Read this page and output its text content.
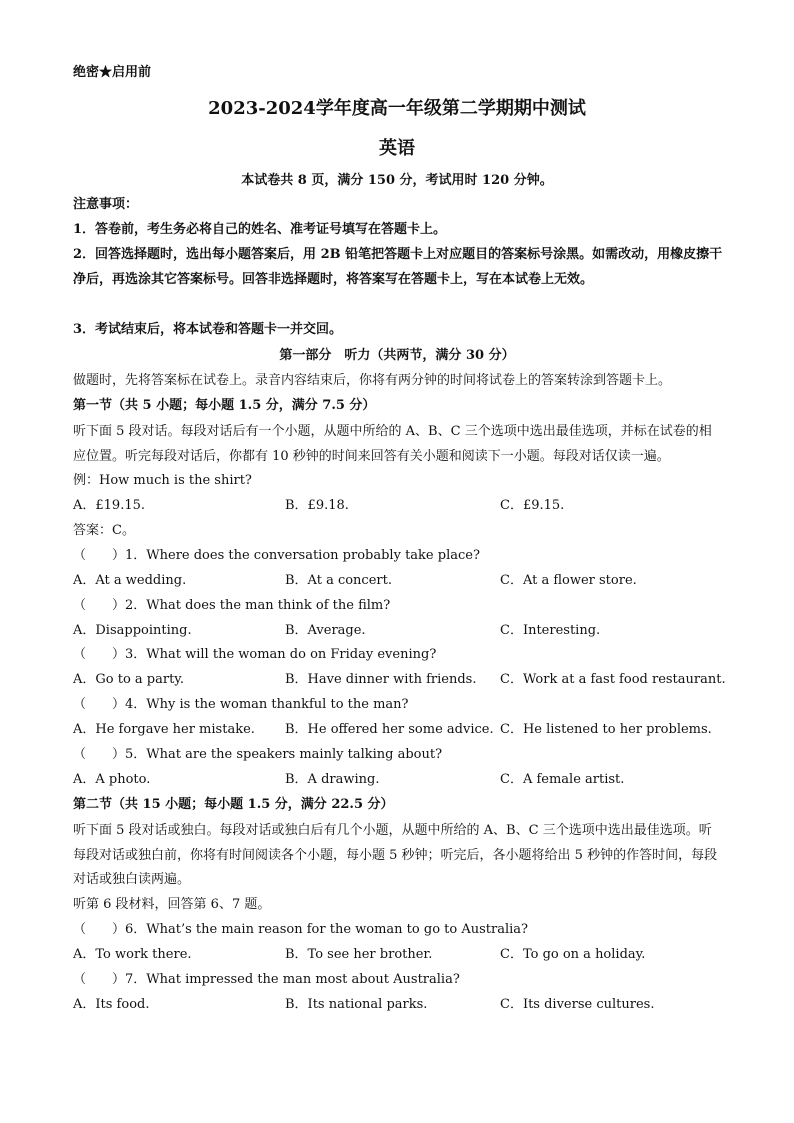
绝密★启用前
2023-2024学年度高一年级第二学期期中测试
英语
本试卷共 8 页，满分 150 分，考试用时 120 分钟。
注意事项：
1．答卷前，考生务必将自己的姓名、准考证号填写在答题卡上。
2．回答选择题时，选出每小题答案后，用 2B 铅笔把答题卡上对应题目的答案标号涂黑。如需改动，用橡皮擦干净后，再选涂其它答案标号。回答非选择题时，将答案写在答题卡上，写在本试卷上无效。
3．考试结束后，将本试卷和答题卡一并交回。
第一部分　听力（共两节，满分 30 分）
做题时，先将答案标在试卷上。录音内容结束后，你将有两分钟的时间将试卷上的答案转涂到答题卡上。
第一节（共 5 小题；每小题 1.5 分，满分 7.5 分）
听下面 5 段对话。每段对话后有一个小题，从题中所给的 A、B、C 三个选项中选出最佳选项，并标在试卷的相应位置。听完每段对话后，你都有 10 秒钟的时间来回答有关小题和阅读下一小题。每段对话仅读一遍。
例：How much is the shirt?
A．£19.15.	B．£9.18.	C．£9.15.
答案：C。
（　　）1．Where does the conversation probably take place?
A．At a wedding.	B．At a concert.	C．At a flower store.
（　　）2．What does the man think of the film?
A．Disappointing.	B．Average.	C．Interesting.
（　　）3．What will the woman do on Friday evening?
A．Go to a party.	B．Have dinner with friends. C．Work at a fast food restaurant.
（　　）4．Why is the woman thankful to the man?
A．He forgave her mistake. B．He offered her some advice. C．He listened to her problems.
（　　）5．What are the speakers mainly talking about?
A．A photo.	B．A drawing.	C．A female artist.
第二节（共 15 小题；每小题 1.5 分，满分 22.5 分）
听下面 5 段对话或独白。每段对话或独白后有几个小题，从题中所给的 A、B、C 三个选项中选出最佳选项。听每段对话或独白前，你将有时间阅读各个小题，每小题 5 秒钟；听完后，各小题将给出 5 秒钟的作答时间，每段对话或独白读两遍。
听第 6 段材料，回答第 6、7 题。
（　　）6．What’s the main reason for the woman to go to Australia?
A．To work there.	B．To see her brother.	C．To go on a holiday.
（　　）7．What impressed the man most about Australia?
A．Its food.	B．Its national parks.	C．Its diverse cultures.
